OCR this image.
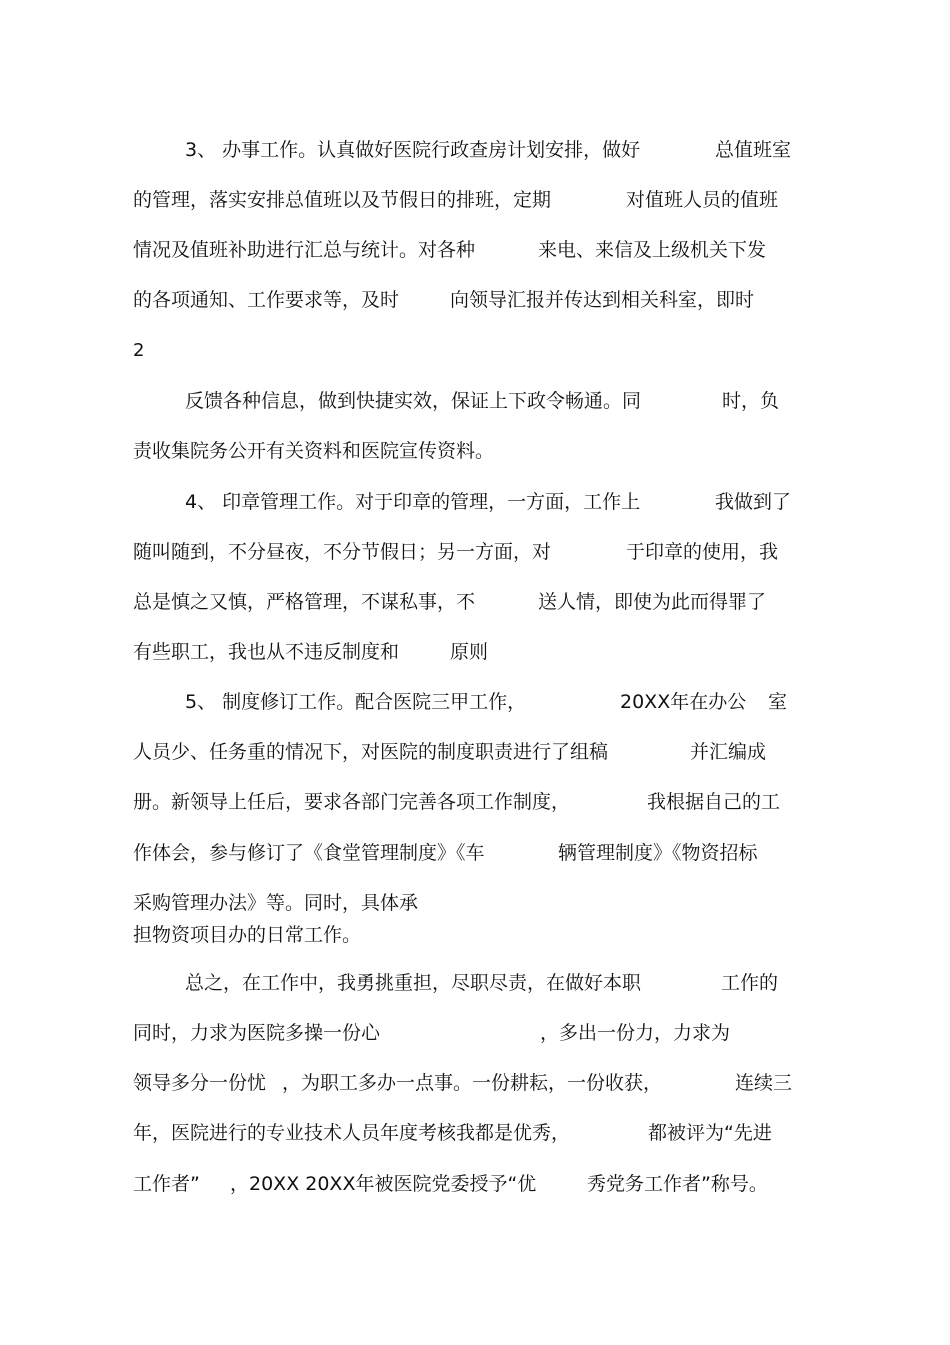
3、 办事工作。认真做好医院行政查房计划安排，做好	总值班室
的管理，落实安排总值班以及节假日的排班，定期	对值班人员的值班
情况及值班补助进行汇总与统计。对各种	来电、来信及上级机关下发
的各项通知、工作要求等，及时	向领导汇报并传达到相关科室，即时
2
反馈各种信息，做到快捷实效，保证上下政令畅通。同	时，负
责收集院务公开有关资料和医院宣传资料。
4、 印章管理工作。对于印章的管理，一方面，工作上	我做到了
随叫随到，不分昼夜，不分节假日；另一方面，对	于印章的使用，我
总是慎之又慎，严格管理，不谋私事，不	送人情，即使为此而得罪了
有些职工，我也从不违反制度和	原则
5、 制度修订工作。配合医院三甲工作，	20XX年在办公 室
人员少、任务重的情况下，对医院的制度职责进行了组稿	并汇编成
册。新领导上任后，要求各部门完善各项工作制度，	我根据自己的工
作体会，参与修订了《食堂管理制度》《车	辆管理制度》《物资招标
采购管理办法》等。同时，具体承
担物资项目办的日常工作。
总之，在工作中，我勇挑重担，尽职尽责，在做好本职	工作的
同时，力求为医院多操一份心	，多出一份力，力求为
领导多分一份忧 ，为职工多办一点事。一份耕耘，一份收获，	连续三
年，医院进行的专业技术人员年度考核我都是优秀，	都被评为“先进
工作者” ，20XX 20XX年被医院党委授予“优	秀党务工作者”称号。
